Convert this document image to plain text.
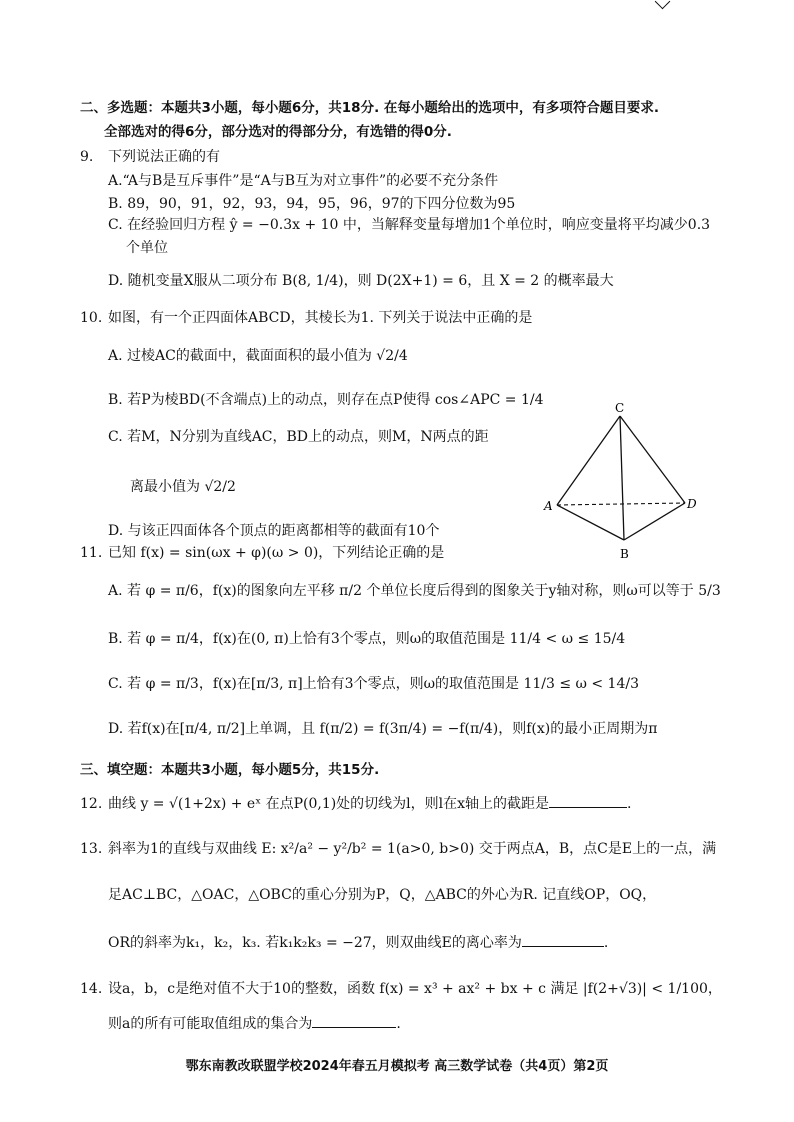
二、多选题：本题共3小题，每小题6分，共18分. 在每小题给出的选项中，有多项符合题目要求.
全部选对的得6分，部分选对的得部分分，有选错的得0分.
9. 下列说法正确的有
A.“A与B是互斥事件”是“A与B互为对立事件”的必要不充分条件
B. 89，90，91，92，93，94，95，96，97的下四分位数为95
C. 在经验回归方程 ŷ = −0.3x + 10 中，当解释变量每增加1个单位时，响应变量将平均减少0.3
个单位
D. 随机变量X服从二项分布 B(8, 1/4)，则 D(2X+1) = 6，且 X = 2 的概率最大
10. 如图，有一个正四面体ABCD，其棱长为1. 下列关于说法中正确的是
A. 过棱AC的截面中，截面面积的最小值为 √2/4
B. 若P为棱BD(不含端点)上的动点，则存在点P使得 cos∠APC = 1/4
C. 若M，N分别为直线AC，BD上的动点，则M，N两点的距
离最小值为 √2/2
D. 与该正四面体各个顶点的距离都相等的截面有10个
C
A	D
B
11. 已知 f(x) = sin(ωx + φ)(ω > 0)，下列结论正确的是
A. 若 φ = π/6，f(x)的图象向左平移 π/2 个单位长度后得到的图象关于y轴对称，则ω可以等于 5/3
B. 若 φ = π/4，f(x)在(0, π)上恰有3个零点，则ω的取值范围是 11/4 < ω ≤ 15/4
C. 若 φ = π/3，f(x)在[π/3, π]上恰有3个零点，则ω的取值范围是 11/3 ≤ ω < 14/3
D. 若f(x)在[π/4, π/2]上单调，且 f(π/2) = f(3π/4) = −f(π/4)，则f(x)的最小正周期为π
三、填空题：本题共3小题，每小题5分，共15分.
12. 曲线 y = √(1+2x) + eˣ 在点P(0,1)处的切线为l，则l在x轴上的截距是	.
13. 斜率为1的直线与双曲线 E: x²/a² − y²/b² = 1(a>0, b>0) 交于两点A，B，点C是E上的一点，满
足AC⊥BC，△OAC，△OBC的重心分别为P，Q，△ABC的外心为R. 记直线OP，OQ，
OR的斜率为k₁，k₂，k₃. 若k₁k₂k₃ = −27，则双曲线E的离心率为	.
14. 设a，b，c是绝对值不大于10的整数，函数 f(x) = x³ + ax² + bx + c 满足 |f(2+√3)| < 1/100，
则a的所有可能取值组成的集合为	.
鄂东南教改联盟学校2024年春五月模拟考 高三数学试卷（共4页）第2页
